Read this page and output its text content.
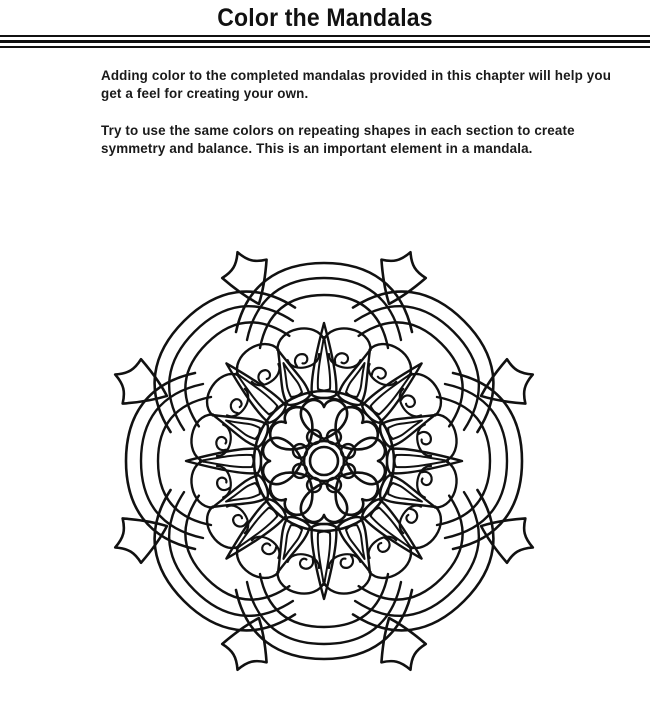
Color the Mandalas

Adding color to the completed mandalas provided in this chapter will help you get a feel for creating your own.

Try to use the same colors on repeating shapes in each section to create symmetry and balance. This is an important element in a mandala.
